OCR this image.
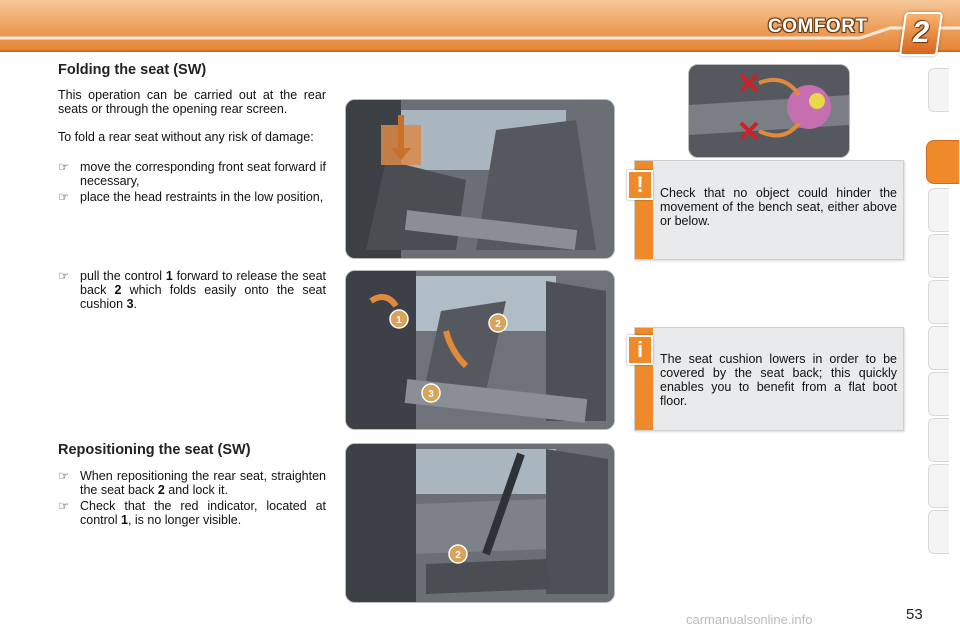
COMFORT 2
Folding the seat (SW)
This operation can be carried out at the rear seats or through the opening rear screen.
To fold a rear seat without any risk of damage:
☞ move the corresponding front seat forward if necessary,
☞ place the head restraints in the low position,
☞ pull the control 1 forward to release the seat back 2 which folds easily onto the seat cushion 3.
Repositioning the seat (SW)
☞ When repositioning the rear seat, straighten the seat back 2 and lock it.
☞ Check that the red indicator, located at control 1, is no longer visible.
1	2
3
2
Check that no object could hinder the movement of the bench seat, either above or below.
!
The seat cushion lowers in order to be covered by the seat back; this quickly enables you to benefit from a flat boot floor.
i
53
carmanualsonline.info
